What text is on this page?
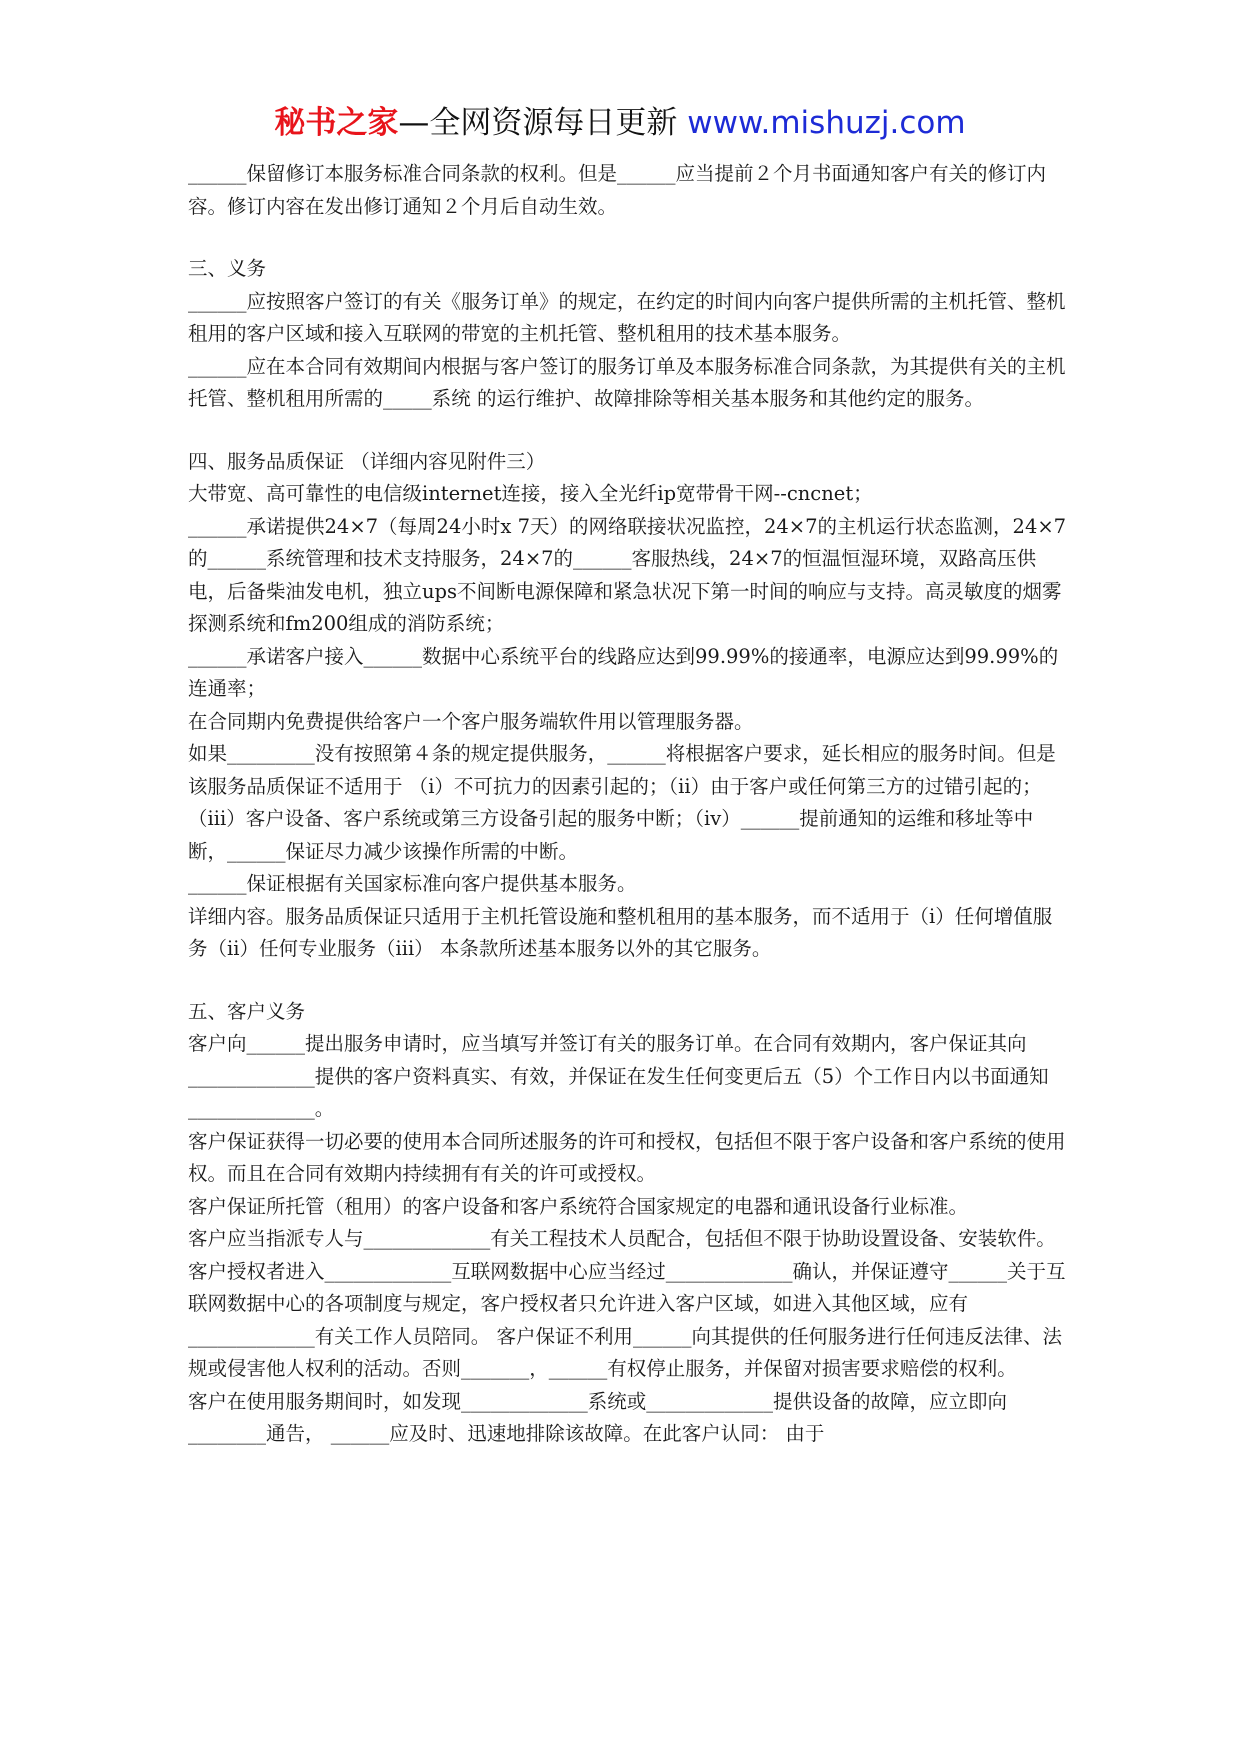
秘书之家—全网资源每日更新 www.mishuzj.com

______保留修订本服务标准合同条款的权利。但是______应当提前２个月书面通知客户有关的修订内容。修订内容在发出修订通知２个月后自动生效。

三、义务

______应按照客户签订的有关《服务订单》的规定，在约定的时间内向客户提供所需的主机托管、整机租用的客户区域和接入互联网的带宽的主机托管、整机租用的技术基本服务。

______应在本合同有效期间内根据与客户签订的服务订单及本服务标准合同条款，为其提供有关的主机托管、整机租用所需的_____系统 的运行维护、故障排除等相关基本服务和其他约定的服务。

四、服务品质保证 （详细内容见附件三）

大带宽、高可靠性的电信级internet连接，接入全光纤ip宽带骨干网--cncnet；

______承诺提供24×7（每周24小时x 7天）的网络联接状况监控，24×7的主机运行状态监测，24×7的______系统管理和技术支持服务，24×7的______客服热线，24×7的恒温恒湿环境，双路高压供电，后备柴油发电机，独立ups不间断电源保障和紧急状况下第一时间的响应与支持。高灵敏度的烟雾探测系统和fm200组成的消防系统；

______承诺客户接入______数据中心系统平台的线路应达到99.99%的接通率，电源应达到99.99%的连通率；

在合同期内免费提供给客户一个客户服务端软件用以管理服务器。

如果_________没有按照第４条的规定提供服务，______将根据客户要求，延长相应的服务时间。但是该服务品质保证不适用于 （i）不可抗力的因素引起的；（ii）由于客户或任何第三方的过错引起的；（iii）客户设备、客户系统或第三方设备引起的服务中断；（iv）______提前通知的运维和移址等中断，______保证尽力减少该操作所需的中断。

______保证根据有关国家标准向客户提供基本服务。

详细内容。服务品质保证只适用于主机托管设施和整机租用的基本服务，而不适用于（i）任何增值服务（ii）任何专业服务（iii） 本条款所述基本服务以外的其它服务。

五、客户义务

客户向______提出服务申请时，应当填写并签订有关的服务订单。在合同有效期内，客户保证其向_____________提供的客户资料真实、有效，并保证在发生任何变更后五（5）个工作日内以书面通知_____________。

客户保证获得一切必要的使用本合同所述服务的许可和授权，包括但不限于客户设备和客户系统的使用权。而且在合同有效期内持续拥有有关的许可或授权。

客户保证所托管（租用）的客户设备和客户系统符合国家规定的电器和通讯设备行业标准。

客户应当指派专人与_____________有关工程技术人员配合，包括但不限于协助设置设备、安装软件。

客户授权者进入_____________互联网数据中心应当经过_____________确认，并保证遵守______关于互联网数据中心的各项制度与规定，客户授权者只允许进入客户区域，如进入其他区域，应有_____________有关工作人员陪同。 客户保证不利用______向其提供的任何服务进行任何违反法律、法规或侵害他人权利的活动。否则_______，______有权停止服务，并保留对损害要求赔偿的权利。

客户在使用服务期间时，如发现_____________系统或_____________提供设备的故障，应立即向________通告， ______应及时、迅速地排除该故障。在此客户认同： 由于
